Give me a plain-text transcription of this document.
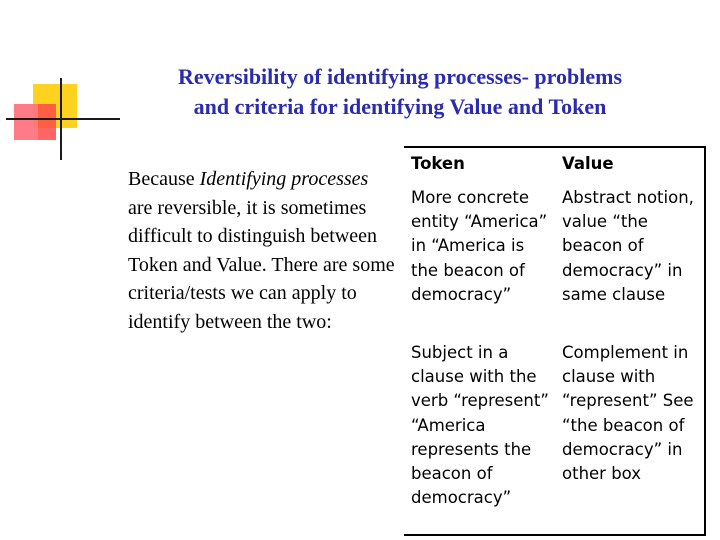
Reversibility of identifying processes- problems
and criteria for identifying Value and Token
Because Identifying processes are reversible, it is sometimes difficult to distinguish between Token and Value. There are some criteria/tests we can apply to identify between the two:
Token	Value
More concrete entity “America” in “America is the beacon of democracy”
Abstract notion, value “the beacon of democracy” in same clause
Subject in a clause with the verb “represent” “America represents the beacon of democracy”
Complement in clause with “represent” See “the beacon of democracy” in other box
